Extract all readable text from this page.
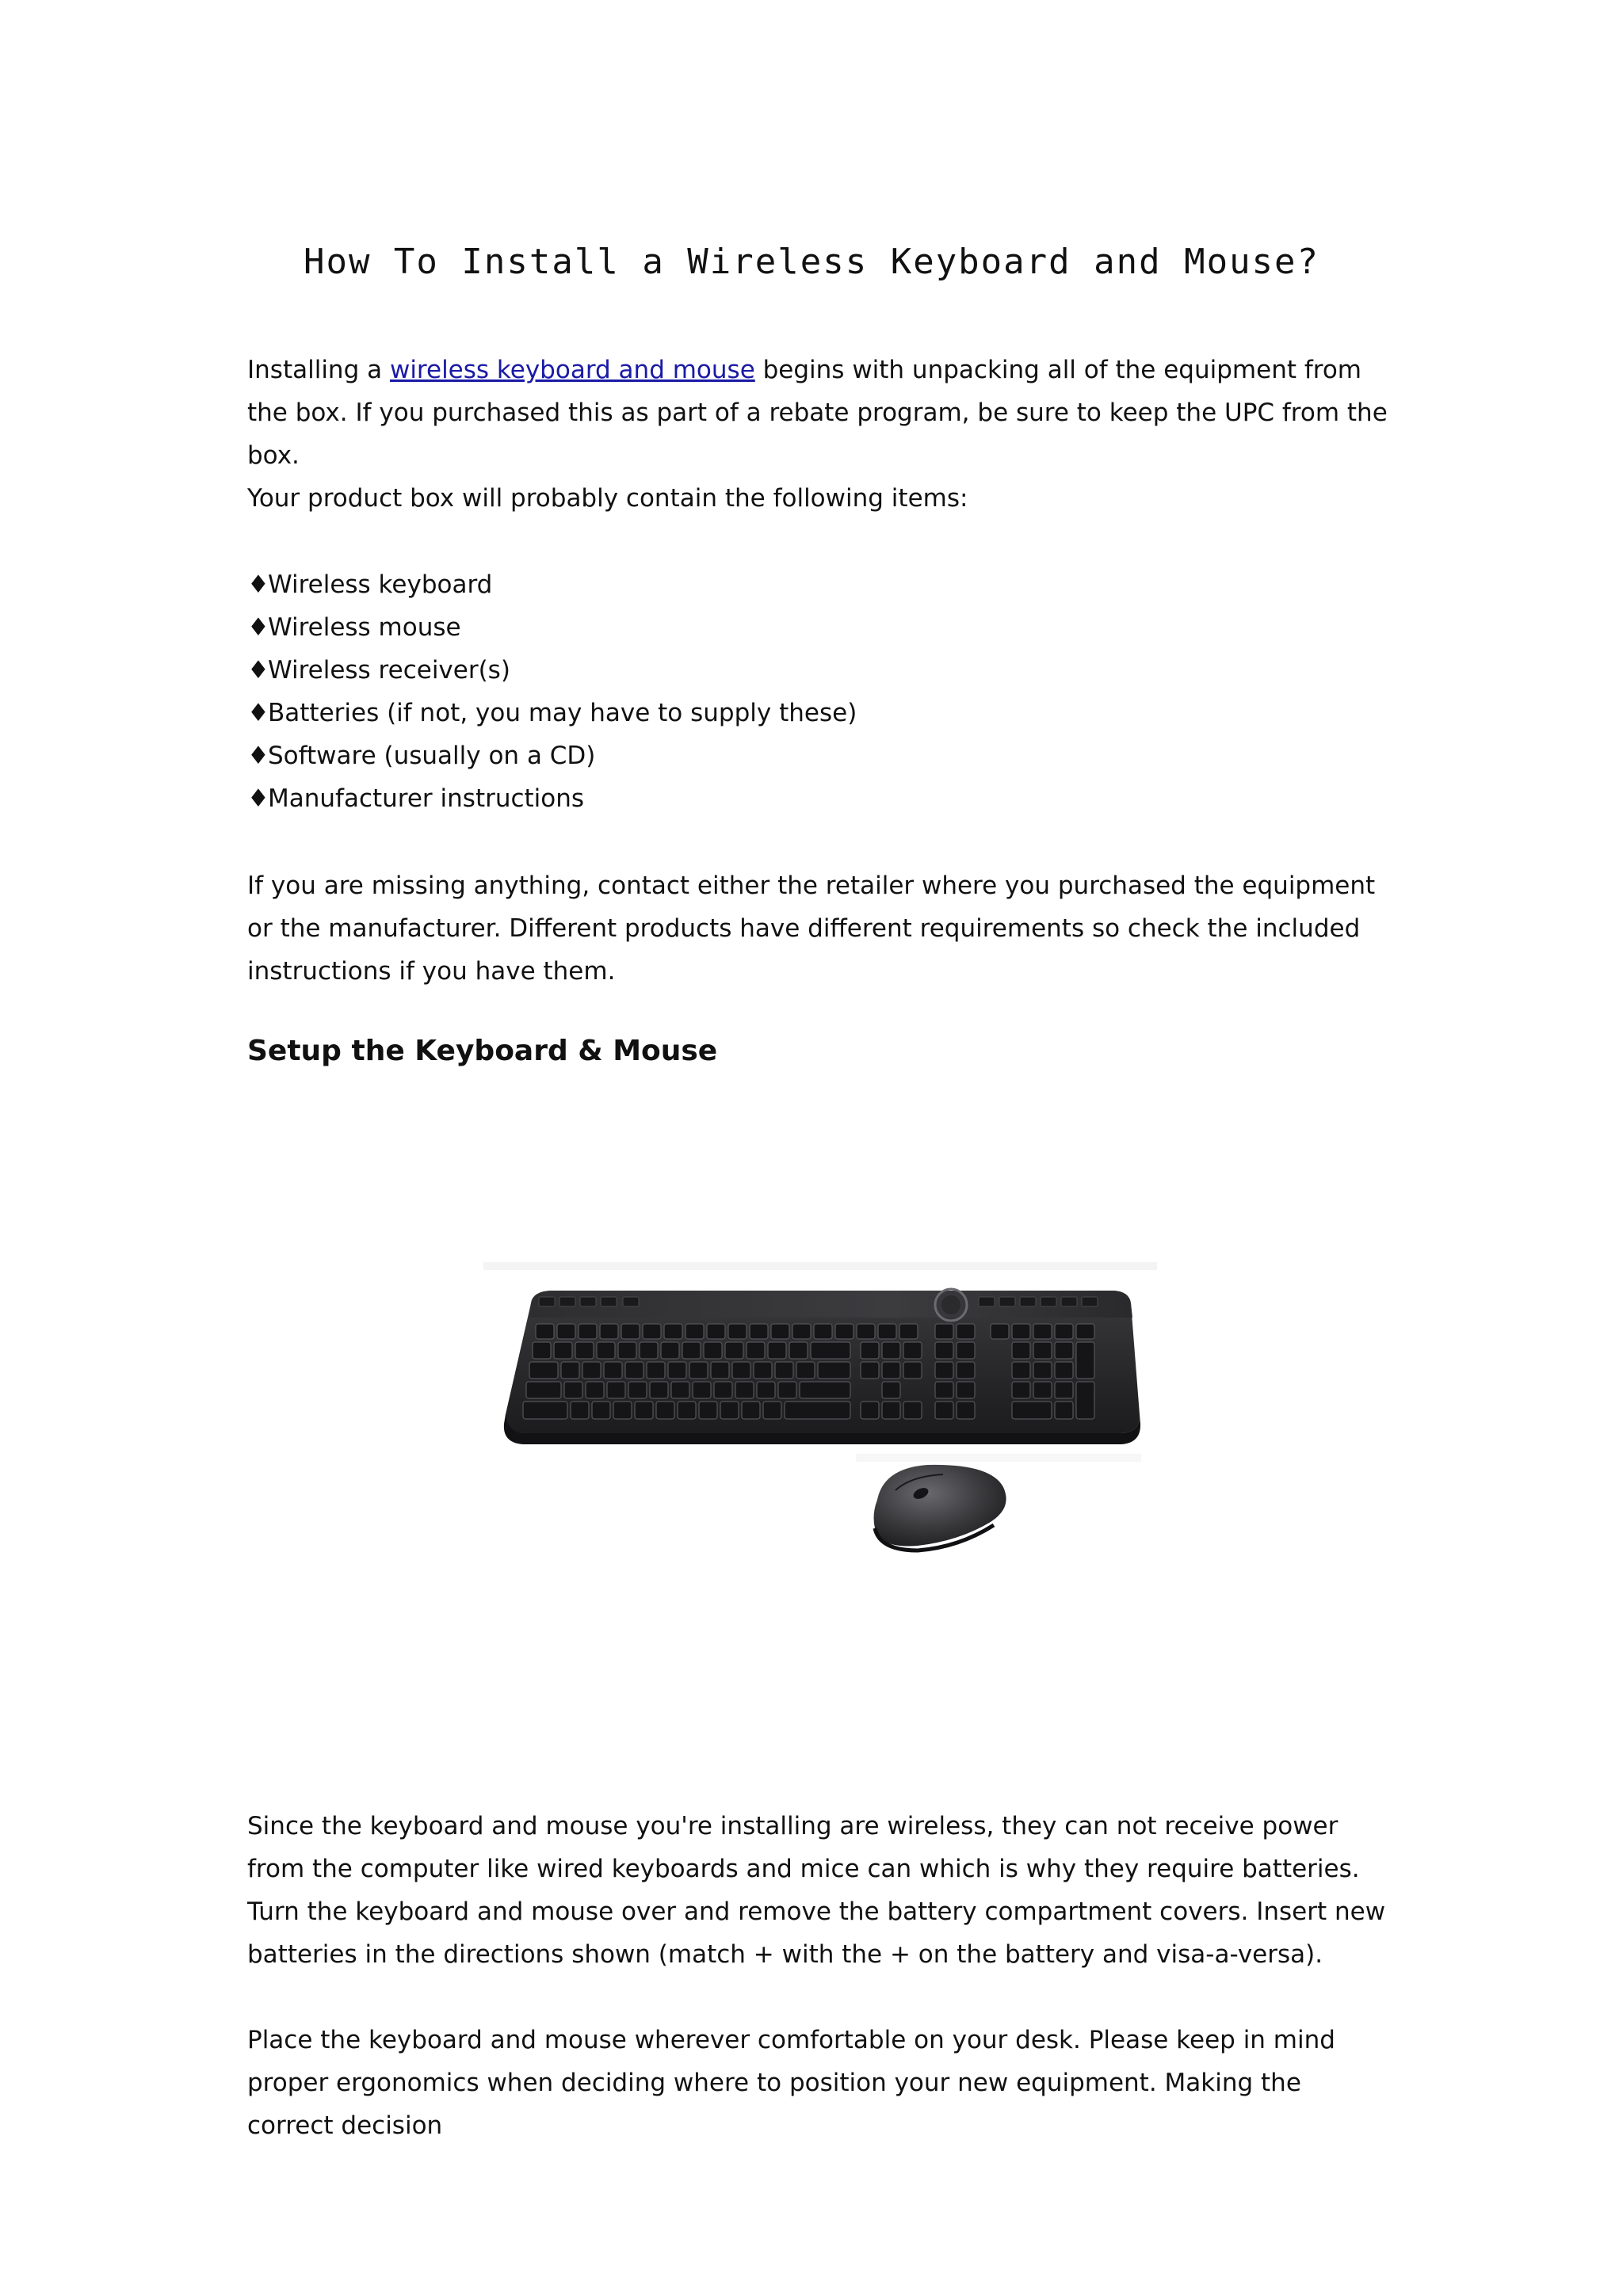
How To Install a Wireless Keyboard and Mouse?

Installing a wireless keyboard and mouse begins with unpacking all of the equipment from the box. If you purchased this as part of a rebate program, be sure to keep the UPC from the box.

Your product box will probably contain the following items:

♦Wireless keyboard
♦Wireless mouse
♦Wireless receiver(s)
♦Batteries (if not, you may have to supply these)
♦Software (usually on a CD)
♦Manufacturer instructions

If you are missing anything, contact either the retailer where you purchased the equipment or the manufacturer. Different products have different requirements so check the included instructions if you have them.

Setup the Keyboard & Mouse

Since the keyboard and mouse you're installing are wireless, they can not receive power from the computer like wired keyboards and mice can which is why they require batteries. Turn the keyboard and mouse over and remove the battery compartment covers. Insert new batteries in the directions shown (match + with the + on the battery and visa-a-versa).

Place the keyboard and mouse wherever comfortable on your desk. Please keep in mind proper ergonomics when deciding where to position your new equipment. Making the correct decision
